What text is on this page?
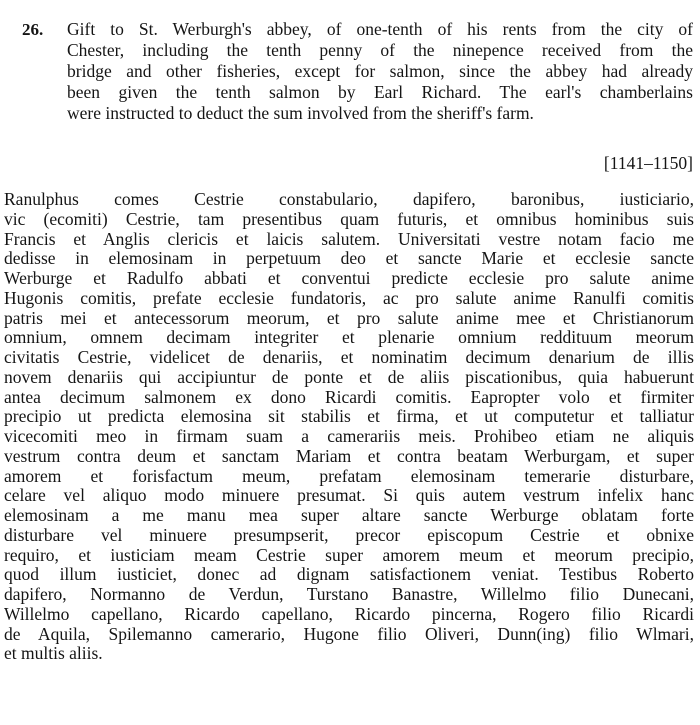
26. Gift to St. Werburgh's abbey, of one-tenth of his rents from the city of
Chester, including the tenth penny of the ninepence received from the
bridge and other fisheries, except for salmon, since the abbey had already
been given the tenth salmon by Earl Richard. The earl's chamberlains
were instructed to deduct the sum involved from the sheriff's farm.
[1141–1150]
Ranulphus comes Cestrie constabulario, dapifero, baronibus, iusticiario,
vic (ecomiti) Cestrie, tam presentibus quam futuris, et omnibus hominibus suis
Francis et Anglis clericis et laicis salutem. Universitati vestre notam facio me
dedisse in elemosinam in perpetuum deo et sancte Marie et ecclesie sancte
Werburge et Radulfo abbati et conventui predicte ecclesie pro salute anime
Hugonis comitis, prefate ecclesie fundatoris, ac pro salute anime Ranulfi comitis
patris mei et antecessorum meorum, et pro salute anime mee et Christianorum
omnium, omnem decimam integriter et plenarie omnium reddituum meorum
civitatis Cestrie, videlicet de denariis, et nominatim decimum denarium de illis
novem denariis qui accipiuntur de ponte et de aliis piscationibus, quia habuerunt
antea decimum salmonem ex dono Ricardi comitis. Eapropter volo et firmiter
precipio ut predicta elemosina sit stabilis et firma, et ut computetur et talliatur
vicecomiti meo in firmam suam a camerariis meis. Prohibeo etiam ne aliquis
vestrum contra deum et sanctam Mariam et contra beatam Werburgam, et super
amorem et forisfactum meum, prefatam elemosinam temerarie disturbare,
celare vel aliquo modo minuere presumat. Si quis autem vestrum infelix hanc
elemosinam a me manu mea super altare sancte Werburge oblatam forte
disturbare vel minuere presumpserit, precor episcopum Cestrie et obnixe
requiro, et iusticiam meam Cestrie super amorem meum et meorum precipio,
quod illum iusticiet, donec ad dignam satisfactionem veniat. Testibus Roberto
dapifero, Normanno de Verdun, Turstano Banastre, Willelmo filio Dunecani,
Willelmo capellano, Ricardo capellano, Ricardo pincerna, Rogero filio Ricardi
de Aquila, Spilemanno camerario, Hugone filio Oliveri, Dunn(ing) filio Wlmari,
et multis aliis.
